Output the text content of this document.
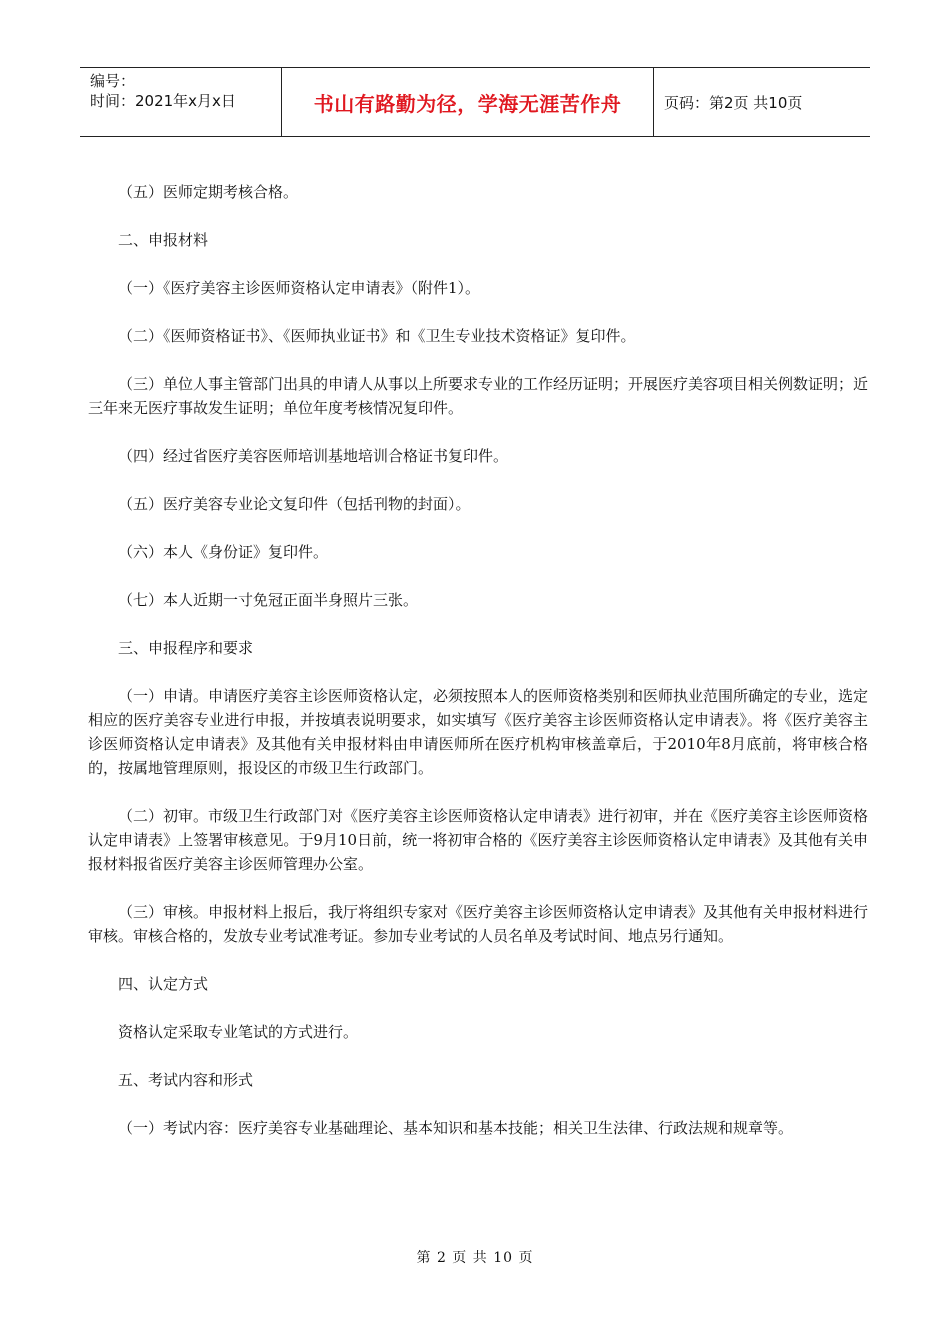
编号：
时间：2021年x月x日	书山有路勤为径，学海无涯苦作舟	页码：第2页 共10页

（五）医师定期考核合格。

二、申报材料

（一）《医疗美容主诊医师资格认定申请表》（附件1）。

（二）《医师资格证书》、《医师执业证书》和《卫生专业技术资格证》复印件。

（三）单位人事主管部门出具的申请人从事以上所要求专业的工作经历证明；开展医疗美容项目相关例数证明；近三年来无医疗事故发生证明；单位年度考核情况复印件。

（四）经过省医疗美容医师培训基地培训合格证书复印件。

（五）医疗美容专业论文复印件（包括刊物的封面）。

（六）本人《身份证》复印件。

（七）本人近期一寸免冠正面半身照片三张。

三、申报程序和要求

（一）申请。申请医疗美容主诊医师资格认定，必须按照本人的医师资格类别和医师执业范围所确定的专业，选定相应的医疗美容专业进行申报，并按填表说明要求，如实填写《医疗美容主诊医师资格认定申请表》。将《医疗美容主诊医师资格认定申请表》及其他有关申报材料由申请医师所在医疗机构审核盖章后，于2010年8月底前，将审核合格的，按属地管理原则，报设区的市级卫生行政部门。

（二）初审。市级卫生行政部门对《医疗美容主诊医师资格认定申请表》进行初审，并在《医疗美容主诊医师资格认定申请表》上签署审核意见。于9月10日前，统一将初审合格的《医疗美容主诊医师资格认定申请表》及其他有关申报材料报省医疗美容主诊医师管理办公室。

（三）审核。申报材料上报后，我厅将组织专家对《医疗美容主诊医师资格认定申请表》及其他有关申报材料进行审核。审核合格的，发放专业考试准考证。参加专业考试的人员名单及考试时间、地点另行通知。

四、认定方式

资格认定采取专业笔试的方式进行。

五、考试内容和形式

（一）考试内容：医疗美容专业基础理论、基本知识和基本技能；相关卫生法律、行政法规和规章等。

第 2 页 共 10 页
